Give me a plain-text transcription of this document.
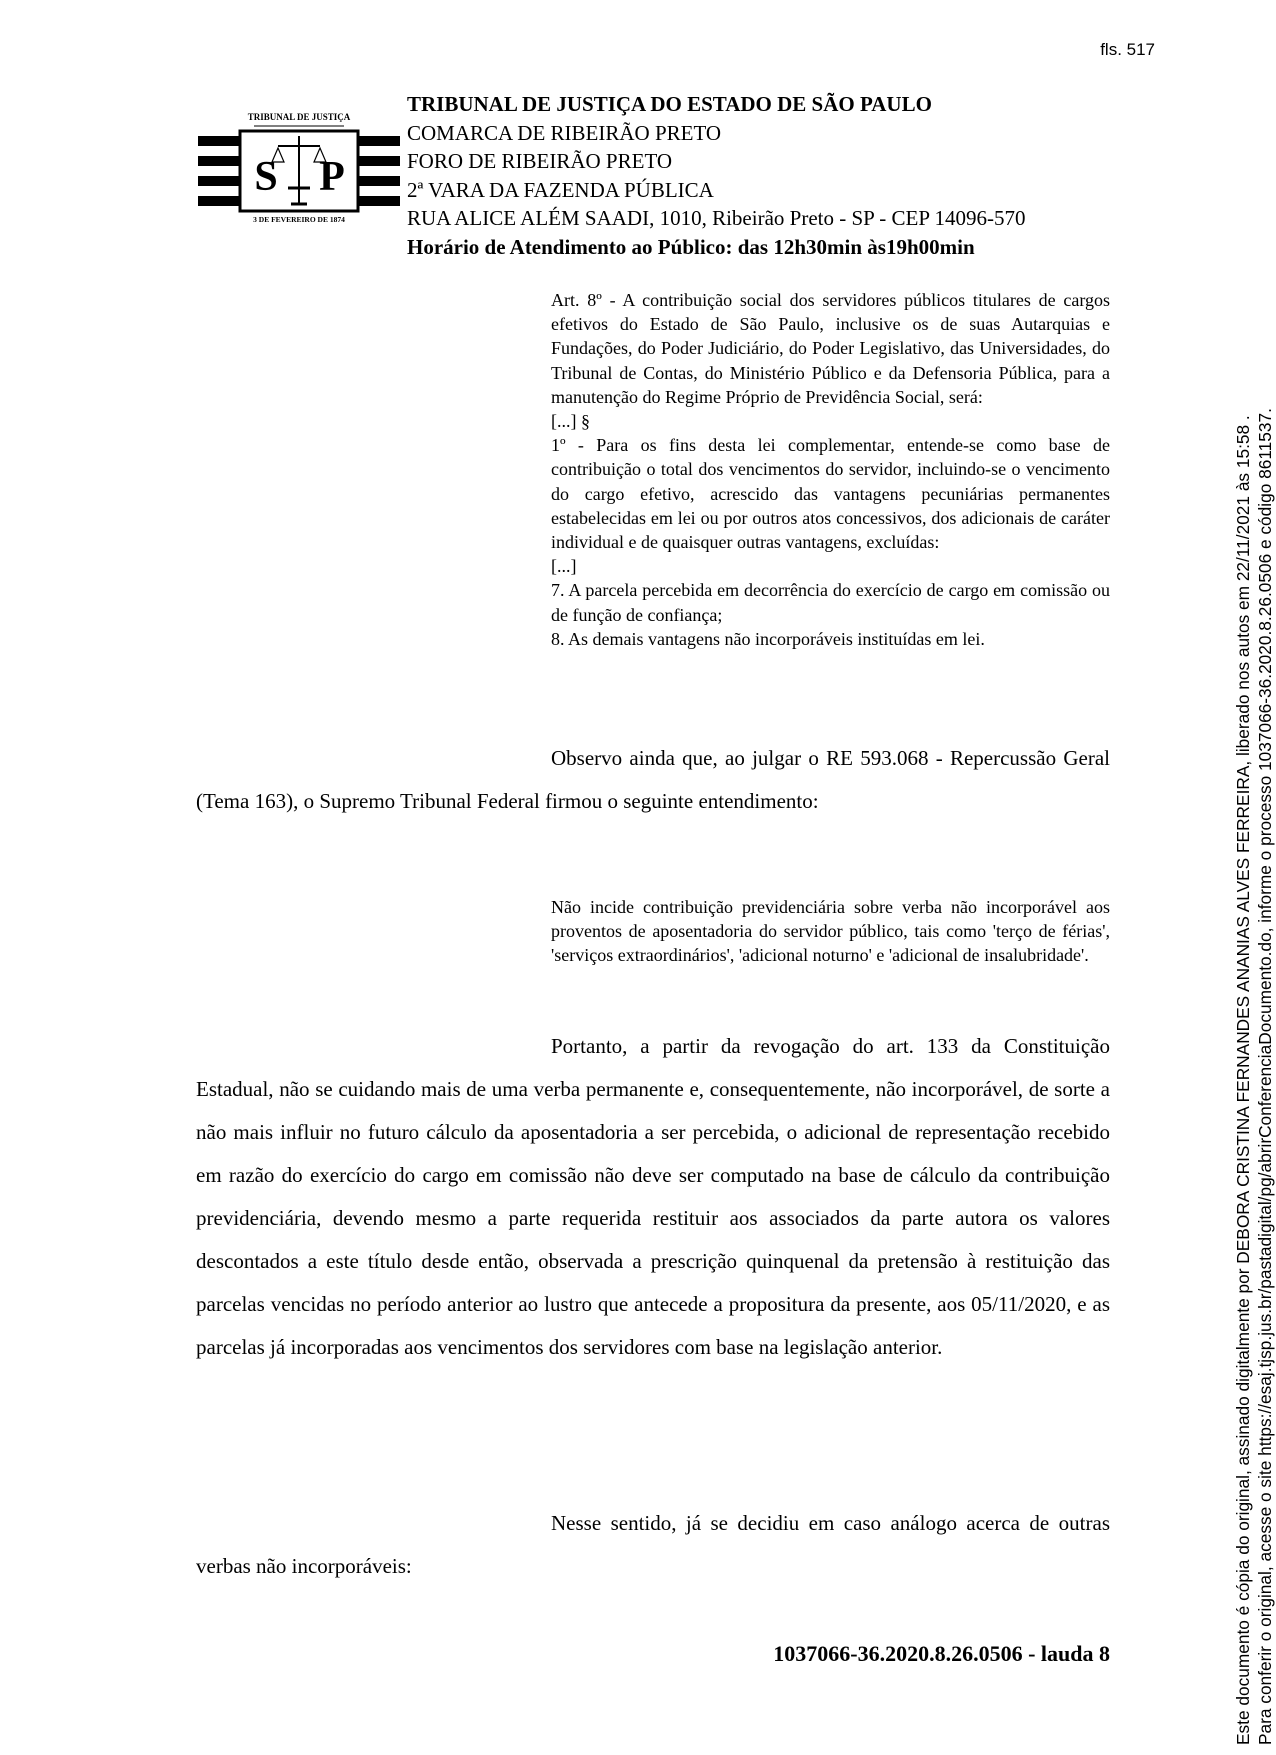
fls. 517
TRIBUNAL DE JUSTIÇA
S P
3 DE FEVEREIRO DE 1874
TRIBUNAL DE JUSTIÇA DO ESTADO DE SÃO PAULO
COMARCA DE RIBEIRÃO PRETO
FORO DE RIBEIRÃO PRETO
2ª VARA DA FAZENDA PÚBLICA
RUA ALICE ALÉM SAADI, 1010, Ribeirão Preto - SP - CEP 14096-570
Horário de Atendimento ao Público: das 12h30min às19h00min

Art. 8º - A contribuição social dos servidores públicos titulares de cargos efetivos do Estado de São Paulo, inclusive os de suas Autarquias e Fundações, do Poder Judiciário, do Poder Legislativo, das Universidades, do Tribunal de Contas, do Ministério Público e da Defensoria Pública, para a manutenção do Regime Próprio de Previdência Social, será:

[...] §

1º - Para os fins desta lei complementar, entende-se como base de contribuição o total dos vencimentos do servidor, incluindo-se o vencimento do cargo efetivo, acrescido das vantagens pecuniárias permanentes estabelecidas em lei ou por outros atos concessivos, dos adicionais de caráter individual e de quaisquer outras vantagens, excluídas:

[...]

7. A parcela percebida em decorrência do exercício de cargo em comissão ou de função de confiança;

8. As demais vantagens não incorporáveis instituídas em lei.

Observo ainda que, ao julgar o RE 593.068 - Repercussão Geral (Tema 163), o Supremo Tribunal Federal firmou o seguinte entendimento:

Não incide contribuição previdenciária sobre verba não incorporável aos proventos de aposentadoria do servidor público, tais como 'terço de férias', 'serviços extraordinários', 'adicional noturno' e 'adicional de insalubridade'.

Portanto, a partir da revogação do art. 133 da Constituição Estadual, não se cuidando mais de uma verba permanente e, consequentemente, não incorporável, de sorte a não mais influir no futuro cálculo da aposentadoria a ser percebida, o adicional de representação recebido em razão do exercício do cargo em comissão não deve ser computado na base de cálculo da contribuição previdenciária, devendo mesmo a parte requerida restituir aos associados da parte autora os valores descontados a este título desde então, observada a prescrição quinquenal da pretensão à restituição das parcelas vencidas no período anterior ao lustro que antecede a propositura da presente, aos 05/11/2020, e as parcelas já incorporadas aos vencimentos dos servidores com base na legislação anterior.

Nesse sentido, já se decidiu em caso análogo acerca de outras verbas não incorporáveis:

1037066-36.2020.8.26.0506 - lauda 8	Este documento é cópia do original, assinado digitalmente por DEBORA CRISTINA FERNANDES ANANIAS ALVES FERREIRA, liberado nos autos em 22/11/2021 às 15:58 . Para conferir o original, acesse o site https://esaj.tjsp.jus.br/pastadigital/pg/abrirConferenciaDocumento.do, informe o processo 1037066-36.2020.8.26.0506 e código 8611537.
